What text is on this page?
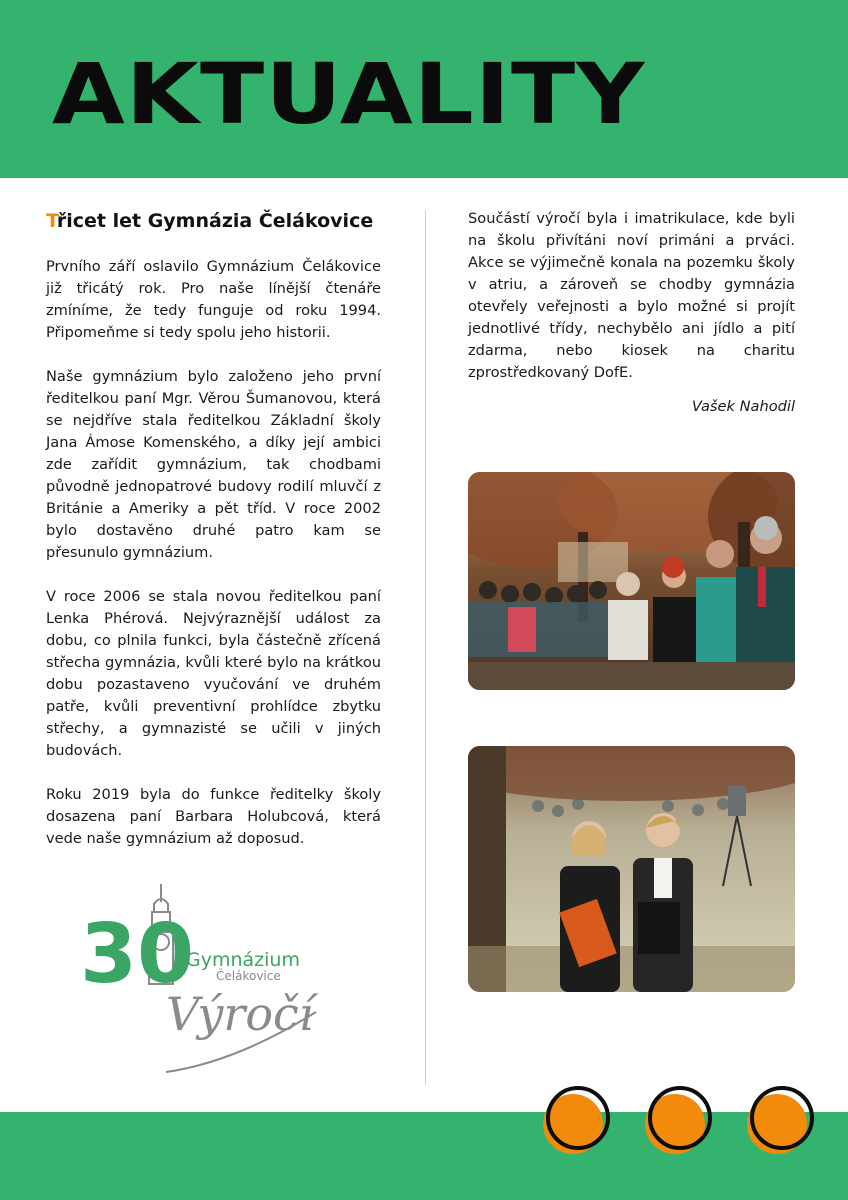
AKTUALITY
Třicet let Gymnázia Čelákovice

Prvního září oslavilo Gymnázium Čelákovice již třicátý rok. Pro naše línější čtenáře zmíníme, že tedy funguje od roku 1994. Připomeňme si tedy spolu jeho historii.

Naše gymnázium bylo založeno jeho první ředitelkou paní Mgr. Věrou Šumanovou, která se nejdříve stala ředitelkou Základní školy Jana Ámose Komenského, a díky její ambici zde zařídit gymnázium, tak chodbami původně jednopatrové budovy rodilí mluvčí z Británie a Ameriky a pět tříd. V roce 2002 bylo dostavěno druhé patro kam se přesunulo gymnázium.

V roce 2006 se stala novou ředitelkou paní Lenka Phérová. Nejvýraznější událost za dobu, co plnila funkci, byla částečně zřícená střecha gymnázia, kvůli které bylo na krátkou dobu pozastaveno vyučování ve druhém patře, kvůli preventivní prohlídce zbytku střechy, a gymnazisté se učili v jiných budovách.

Roku 2019 byla do funkce ředitelky školy dosazena paní Barbara Holubcová, která vede naše gymnázium až doposud.

Součástí výročí byla i imatrikulace, kde byli na školu přivítáni noví primáni a prváci. Akce se výjimečně konala na pozemku školy v atriu, a zároveň se chodby gymnázia otevřely veřejnosti a bylo možné si projít jednotlivé třídy, nechybělo ani jídlo a pití zdarma, nebo kiosek na charitu zprostředkovaný DofE.

Vašek Nahodil
30
Gymnázium
Čelákovice
Výročí
